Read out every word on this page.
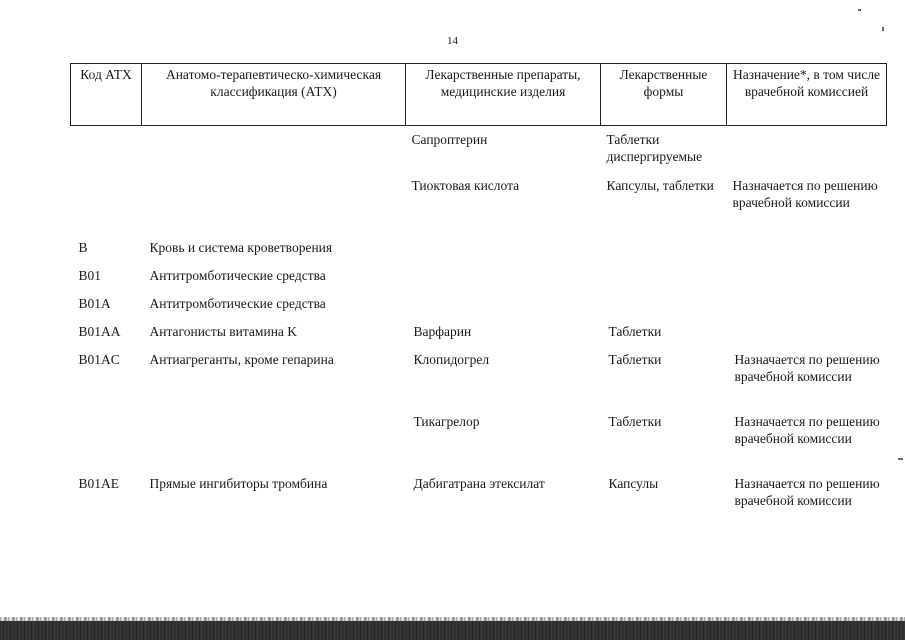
14
Код АТХ	Анатомо-терапевтическо-химическая классификация (АТХ)	Лекарственные препараты, медицинские изделия	Лекарственные формы	Назначение*, в том числе врачебной комиссией
		Сапроптерин	Таблетки диспергируемые	
		Тиоктовая кислота	Капсулы, таблетки	Назначается по решению врачебной комиссии
B	Кровь и система кроветворения			
B01	Антитромботические средства			
B01A	Антитромботические средства			
B01AA	Антагонисты витамина K	Варфарин	Таблетки	
B01AC	Антиагреганты, кроме гепарина	Клопидогрел	Таблетки	Назначается по решению врачебной комиссии
		Тикагрелор	Таблетки	Назначается по решению врачебной комиссии
B01AE	Прямые ингибиторы тромбина	Дабигатрана этексилат	Капсулы	Назначается по решению врачебной комиссии
